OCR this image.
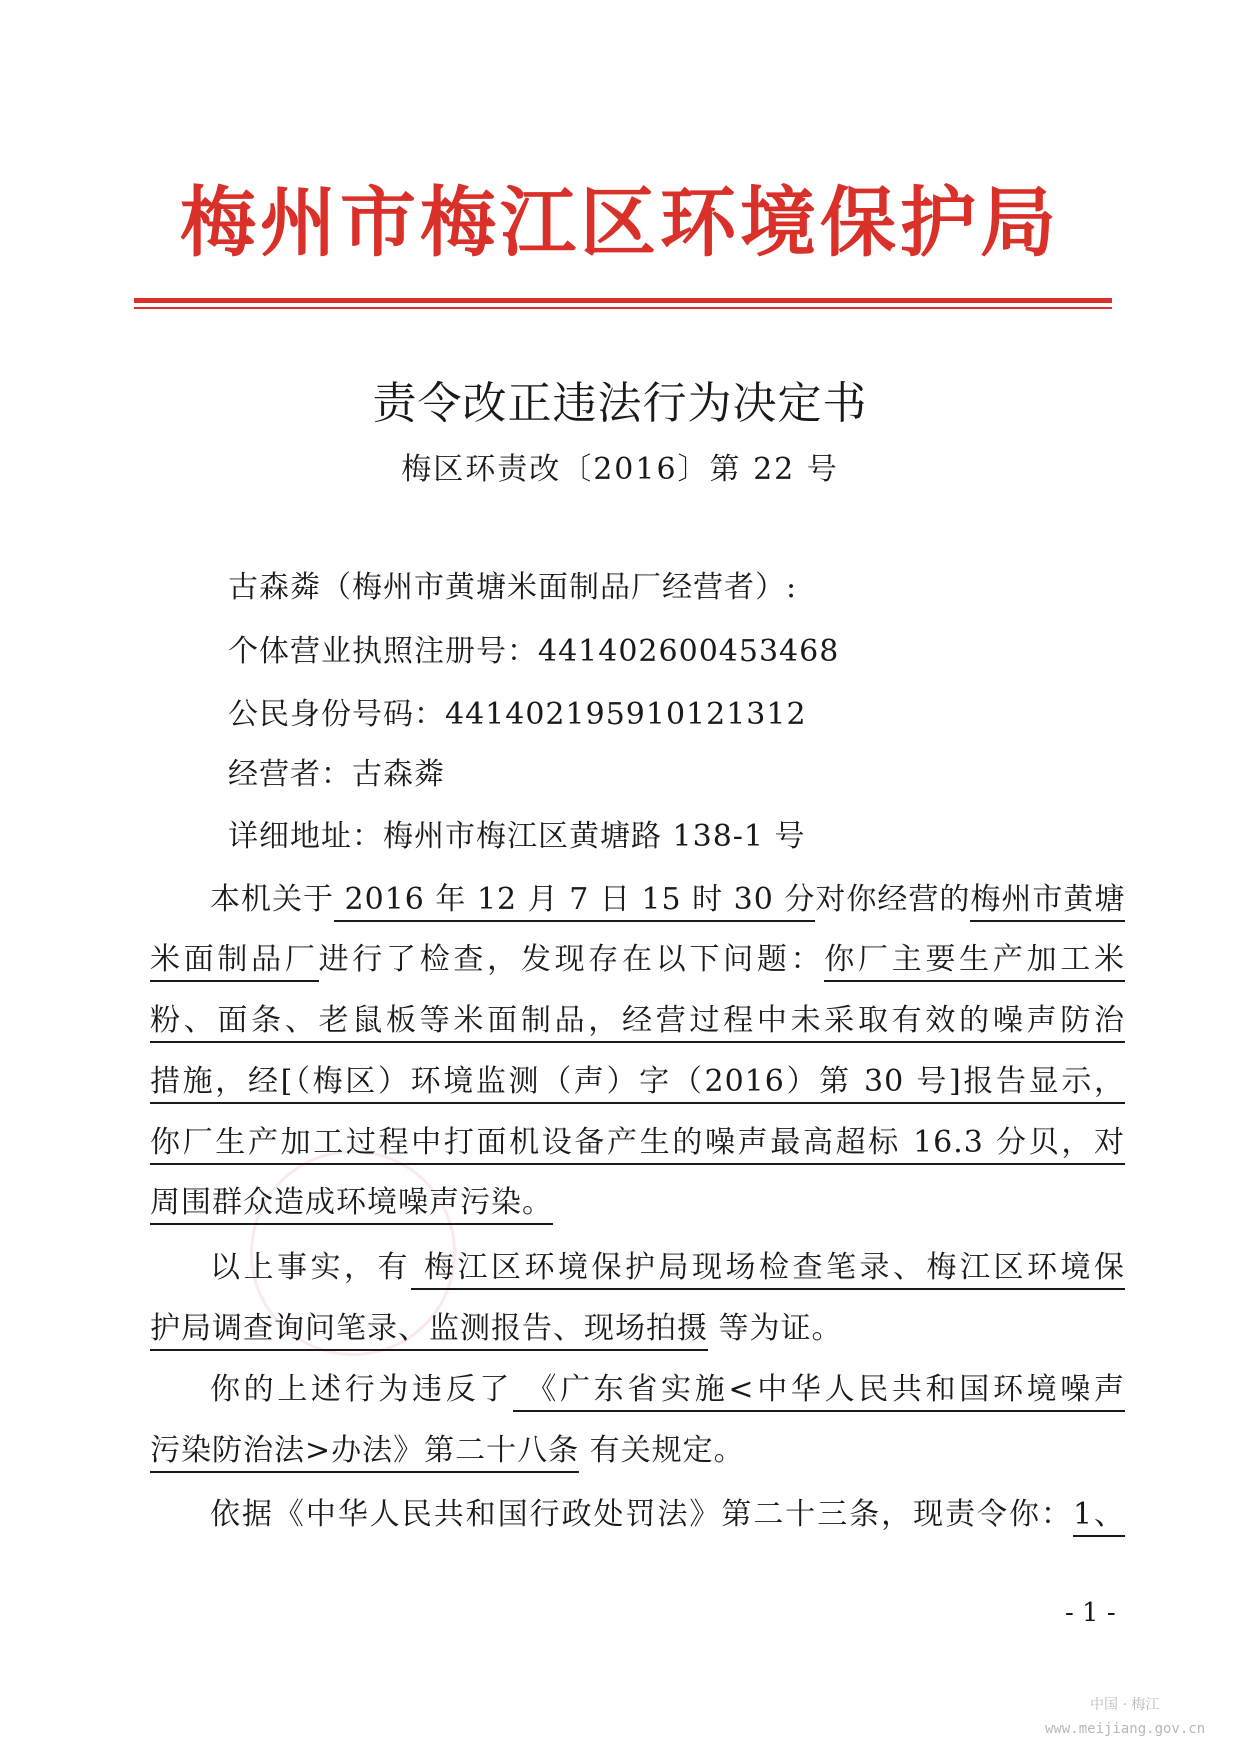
梅州市梅江区环境保护局
责令改正违法行为决定书
梅区环责改〔2016〕第 22 号
古森粦（梅州市黄塘米面制品厂经营者）:
个体营业执照注册号：441402600453468
公民身份号码：441402195910121312
经营者：古森粦
详细地址：梅州市梅江区黄塘路 138-1 号
本机关于 2016 年 12 月 7 日 15 时 30 分对你经营的梅州市黄塘
米面制品厂进行了检查，发现存在以下问题：你厂主要生产加工米
粉、面条、老鼠板等米面制品，经营过程中未采取有效的噪声防治
措施，经[（梅区）环境监测（声）字（2016）第 30 号]报告显示，
你厂生产加工过程中打面机设备产生的噪声最高超标 16.3 分贝，对
周围群众造成环境噪声污染。
以上事实，有 梅江区环境保护局现场检查笔录、梅江区环境保
护局调查询问笔录、监测报告、现场拍摄 等为证。
你的上述行为违反了 《广东省实施<中华人民共和国环境噪声
污染防治法>办法》第二十八条 有关规定。
依据《中华人民共和国行政处罚法》第二十三条，现责令你：1、
- 1 -
中国 · 梅江
www.meijiang.gov.cn
